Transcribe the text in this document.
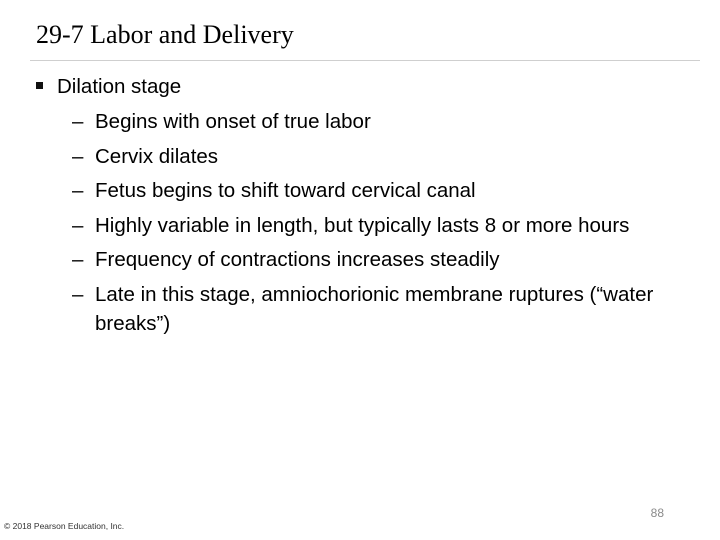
29-7 Labor and Delivery
Dilation stage
– Begins with onset of true labor
– Cervix dilates
– Fetus begins to shift toward cervical canal
– Highly variable in length, but typically lasts 8 or more hours
– Frequency of contractions increases steadily
– Late in this stage, amniochorionic membrane ruptures (“water breaks”)
88
© 2018 Pearson Education, Inc.
